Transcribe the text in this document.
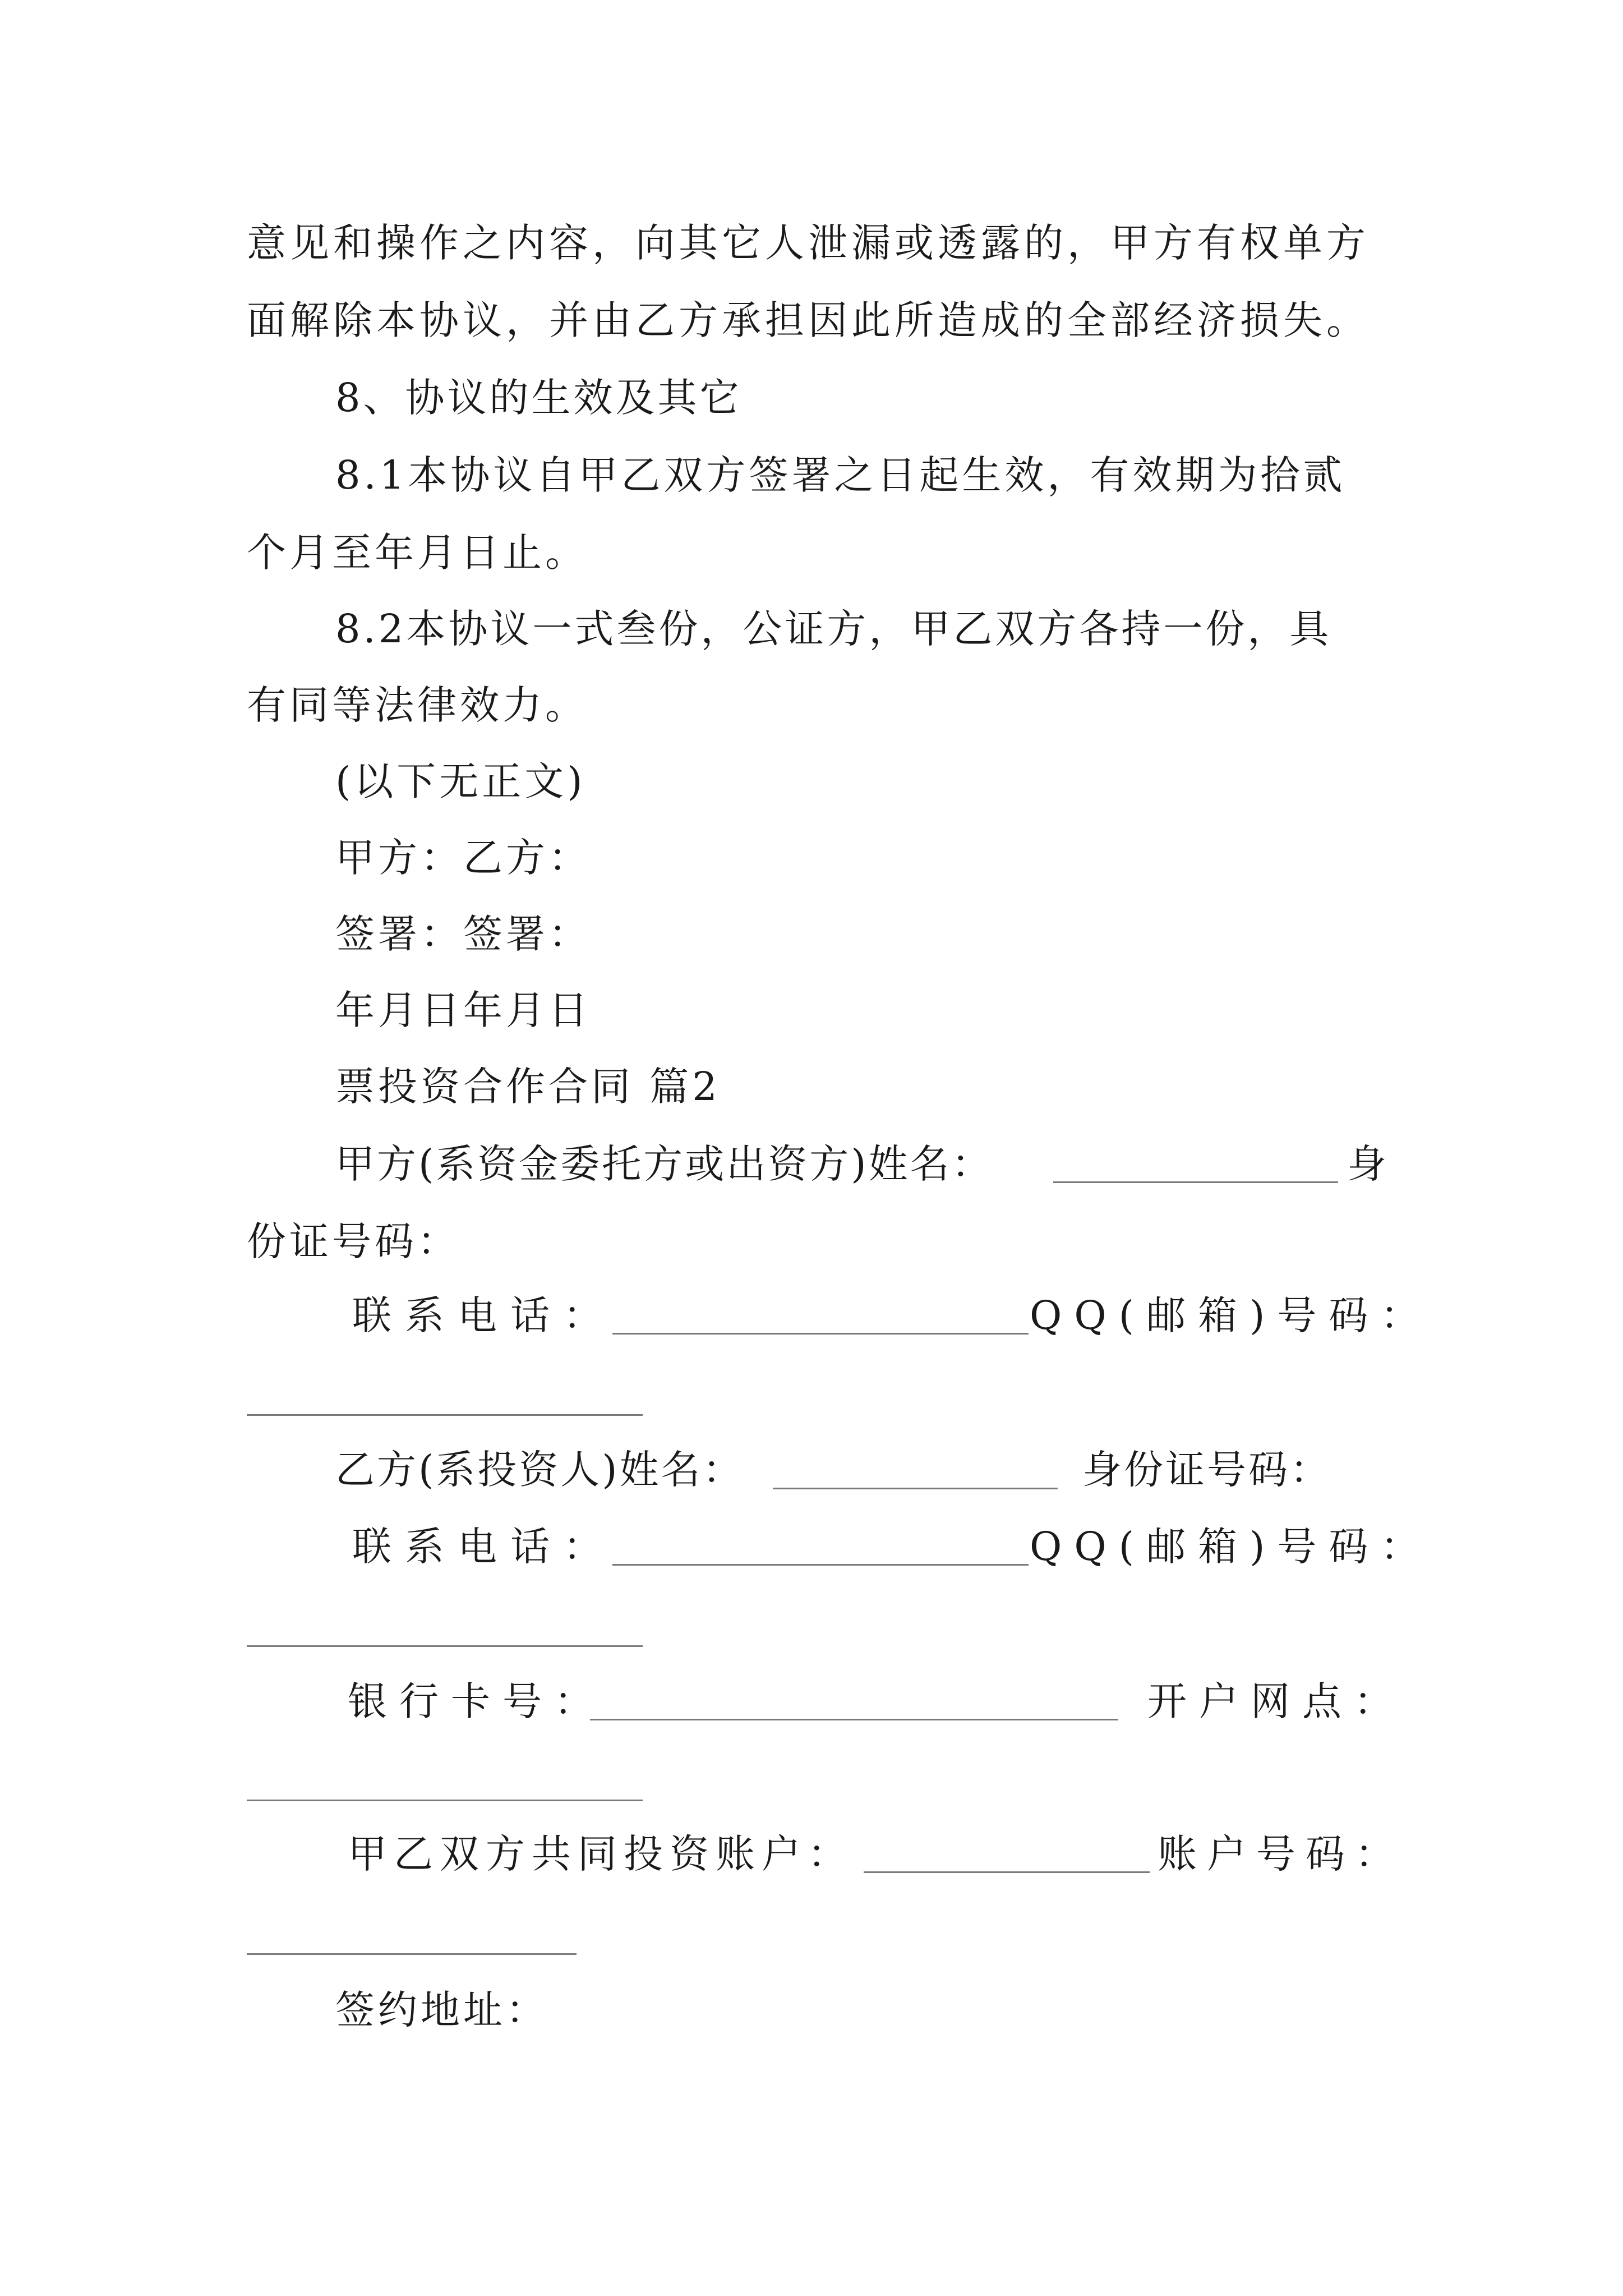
意见和操作之内容，向其它人泄漏或透露的，甲方有权单方

面解除本协议，并由乙方承担因此所造成的全部经济损失。

8、协议的生效及其它

8.1本协议自甲乙双方签署之日起生效，有效期为拾贰

个月至年月日止。

8.2本协议一式叁份，公证方，甲乙双方各持一份，具

有同等法律效力。

(以下无正文)

甲方：乙方：

签署：签署：

年月日年月日

票投资合作合同 篇2

甲方(系资金委托方或出资方)姓名：	身

份证号码：

联系电话：	QQ(邮箱)号码：

乙方(系投资人)姓名：	身份证号码：

联系电话：	QQ(邮箱)号码：

银行卡号：	开户网点：

甲乙双方共同投资账户：	账户号码：

签约地址：
